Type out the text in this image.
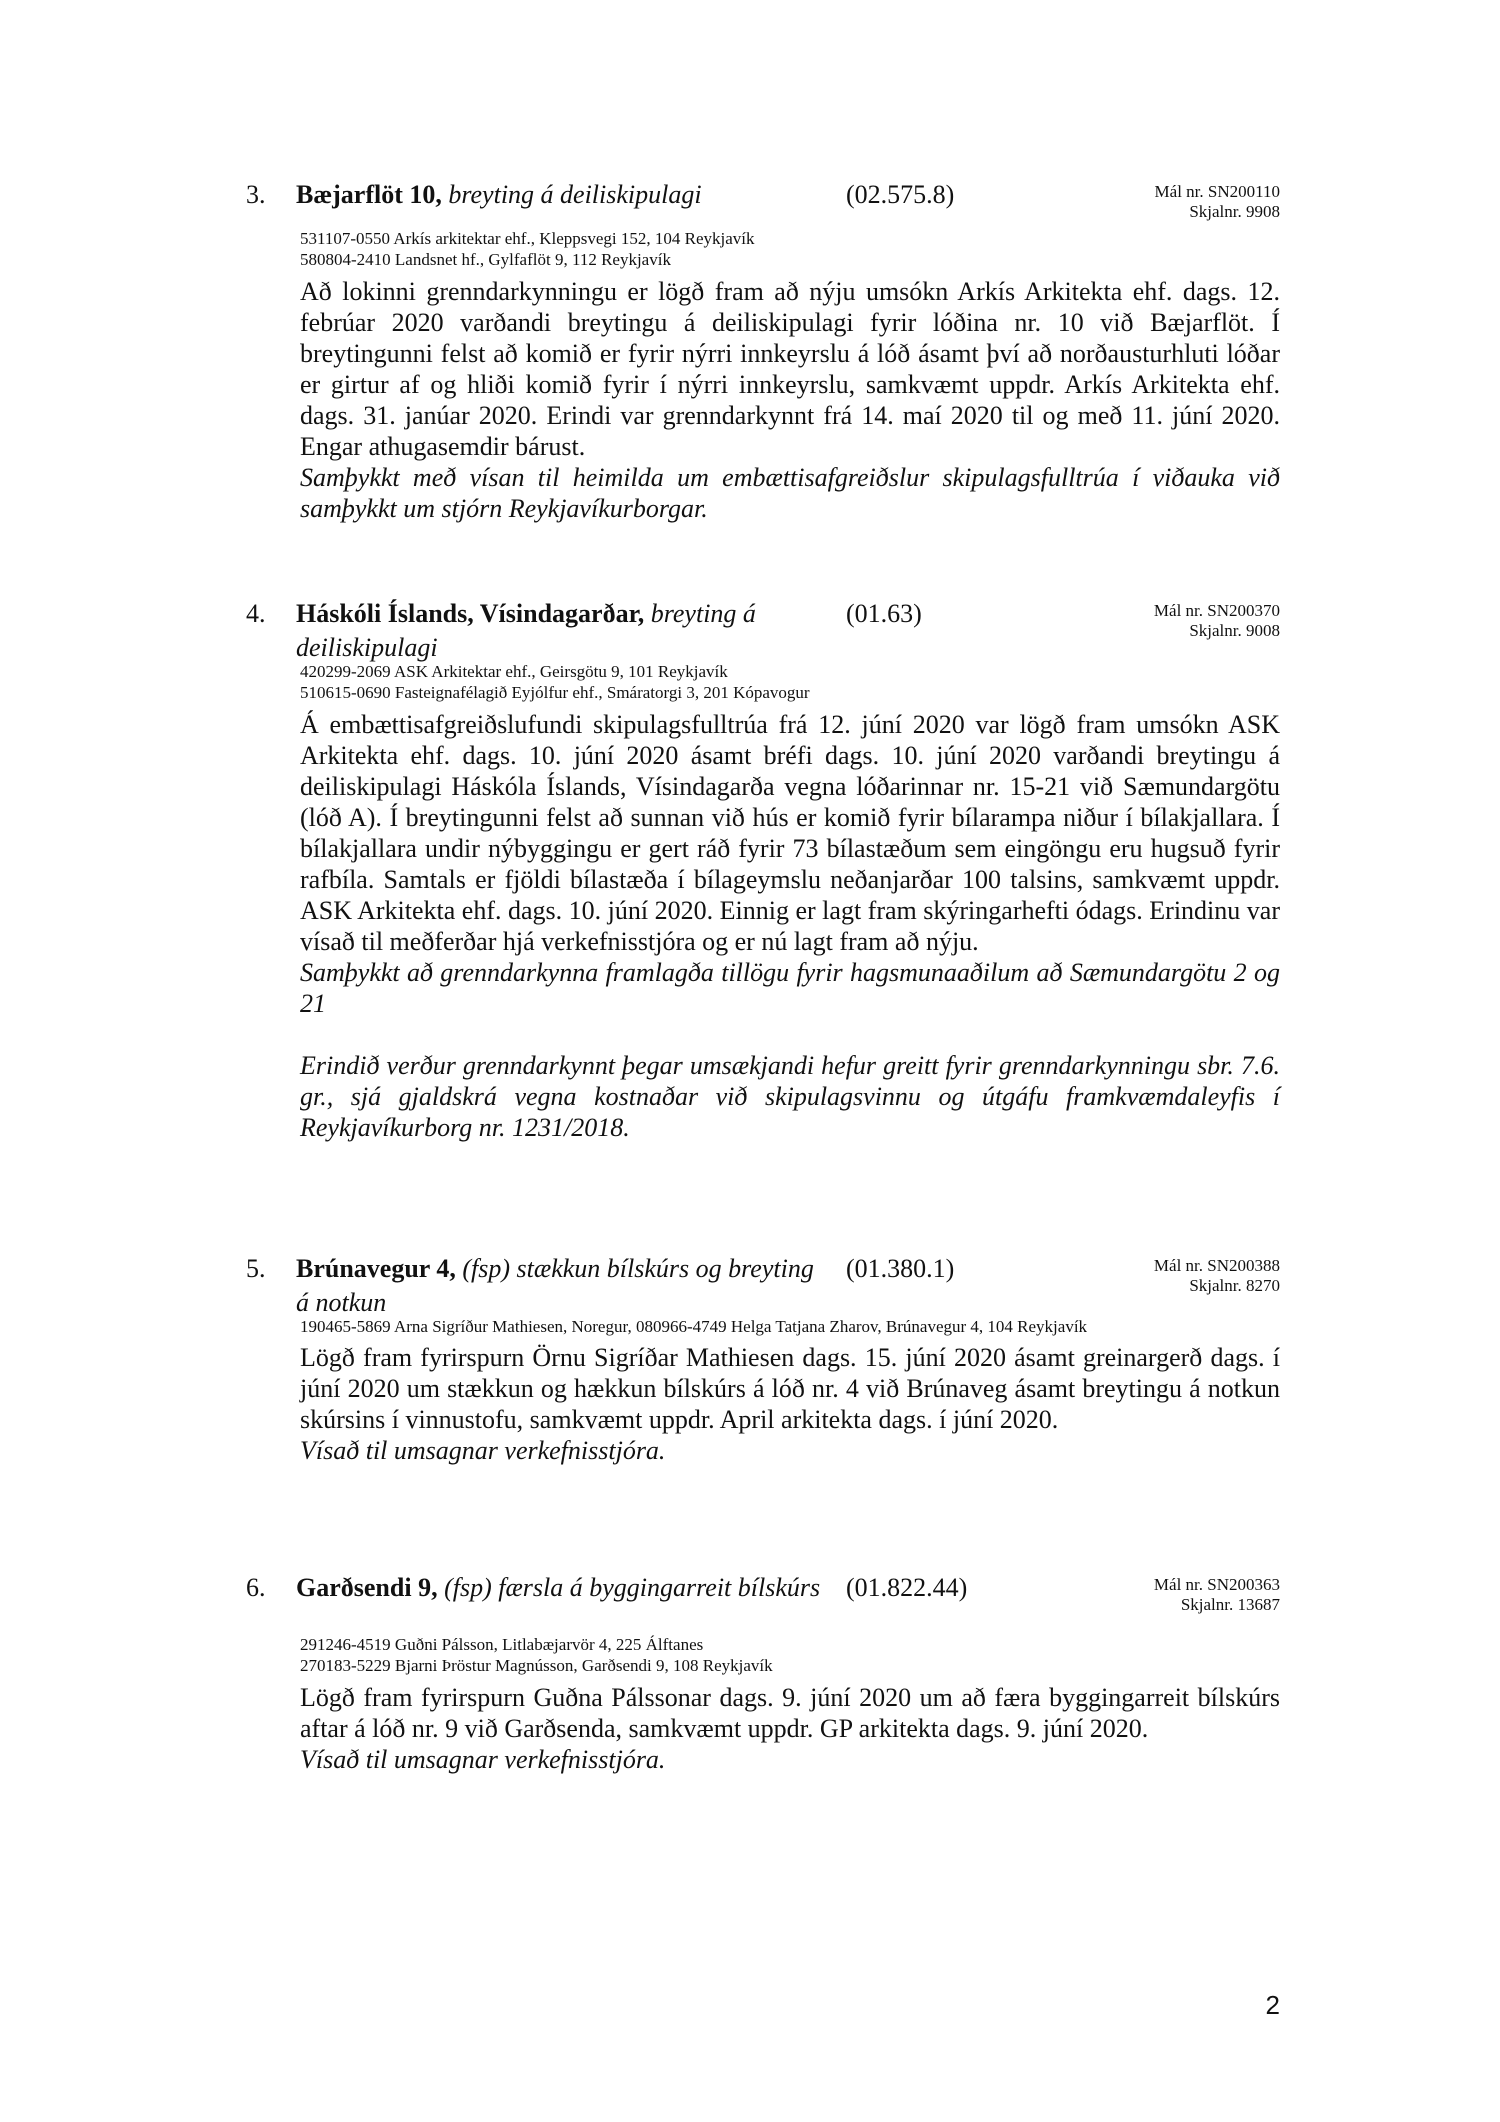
3. Bæjarflöt 10, breyting á deiliskipulagi	(02.575.8)	Mál nr. SN200110
Skjalnr. 9908
531107-0550 Arkís arkitektar ehf., Kleppsvegi 152, 104 Reykjavík
580804-2410 Landsnet hf., Gylfaflöt 9, 112 Reykjavík

Að lokinni grenndarkynningu er lögð fram að nýju umsókn Arkís Arkitekta ehf. dags. 12. febrúar 2020 varðandi breytingu á deiliskipulagi fyrir lóðina nr. 10 við Bæjarflöt. Í breytingunni felst að komið er fyrir nýrri innkeyrslu á lóð ásamt því að norðausturhluti lóðar er girtur af og hliði komið fyrir í nýrri innkeyrslu, samkvæmt uppdr. Arkís Arkitekta ehf. dags. 31. janúar 2020. Erindi var grenndarkynnt frá 14. maí 2020 til og með 11. júní 2020. Engar athugasemdir bárust.

Samþykkt með vísan til heimilda um embættisafgreiðslur skipulagsfulltrúa í viðauka við samþykkt um stjórn Reykjavíkurborgar.

4. Háskóli Íslands, Vísindagarðar, breyting á deiliskipulagi
(01.63)	Mál nr. SN200370
Skjalnr. 9008
420299-2069 ASK Arkitektar ehf., Geirsgötu 9, 101 Reykjavík
510615-0690 Fasteignafélagið Eyjólfur ehf., Smáratorgi 3, 201 Kópavogur

Á embættisafgreiðslufundi skipulagsfulltrúa frá 12. júní 2020 var lögð fram umsókn ASK Arkitekta ehf. dags. 10. júní 2020 ásamt bréfi dags. 10. júní 2020 varðandi breytingu á deiliskipulagi Háskóla Íslands, Vísindagarða vegna lóðarinnar nr. 15-21 við Sæmundargötu (lóð A). Í breytingunni felst að sunnan við hús er komið fyrir bílarampa niður í bílakjallara. Í bílakjallara undir nýbyggingu er gert ráð fyrir 73 bílastæðum sem eingöngu eru hugsuð fyrir rafbíla. Samtals er fjöldi bílastæða í bílageymslu neðanjarðar 100 talsins, samkvæmt uppdr. ASK Arkitekta ehf. dags. 10. júní 2020. Einnig er lagt fram skýringarhefti ódags. Erindinu var vísað til meðferðar hjá verkefnisstjóra og er nú lagt fram að nýju.

Samþykkt að grenndarkynna framlagða tillögu fyrir hagsmunaaðilum að Sæmundargötu 2 og 21

Erindið verður grenndarkynnt þegar umsækjandi hefur greitt fyrir grenndarkynningu sbr. 7.6. gr., sjá gjaldskrá vegna kostnaðar við skipulagsvinnu og útgáfu framkvæmdaleyfis í Reykjavíkurborg nr. 1231/2018.

5. Brúnavegur 4, (fsp) stækkun bílskúrs og breyting á notkun
(01.380.1)	Mál nr. SN200388
Skjalnr. 8270
190465-5869 Arna Sigríður Mathiesen, Noregur, 080966-4749 Helga Tatjana Zharov, Brúnavegur 4, 104 Reykjavík

Lögð fram fyrirspurn Örnu Sigríðar Mathiesen dags. 15. júní 2020 ásamt greinargerð dags. í júní 2020 um stækkun og hækkun bílskúrs á lóð nr. 4 við Brúnaveg ásamt breytingu á notkun skúrsins í vinnustofu, samkvæmt uppdr. April arkitekta dags. í júní 2020.

Vísað til umsagnar verkefnisstjóra.

6. Garðsendi 9, (fsp) færsla á byggingarreit bílskúrs (01.822.44)	Mál nr. SN200363
Skjalnr. 13687
291246-4519 Guðni Pálsson, Litlabæjarvör 4, 225 Álftanes
270183-5229 Bjarni Þröstur Magnússon, Garðsendi 9, 108 Reykjavík

Lögð fram fyrirspurn Guðna Pálssonar dags. 9. júní 2020 um að færa byggingarreit bílskúrs aftar á lóð nr. 9 við Garðsenda, samkvæmt uppdr. GP arkitekta dags. 9. júní 2020.

Vísað til umsagnar verkefnisstjóra.

2
